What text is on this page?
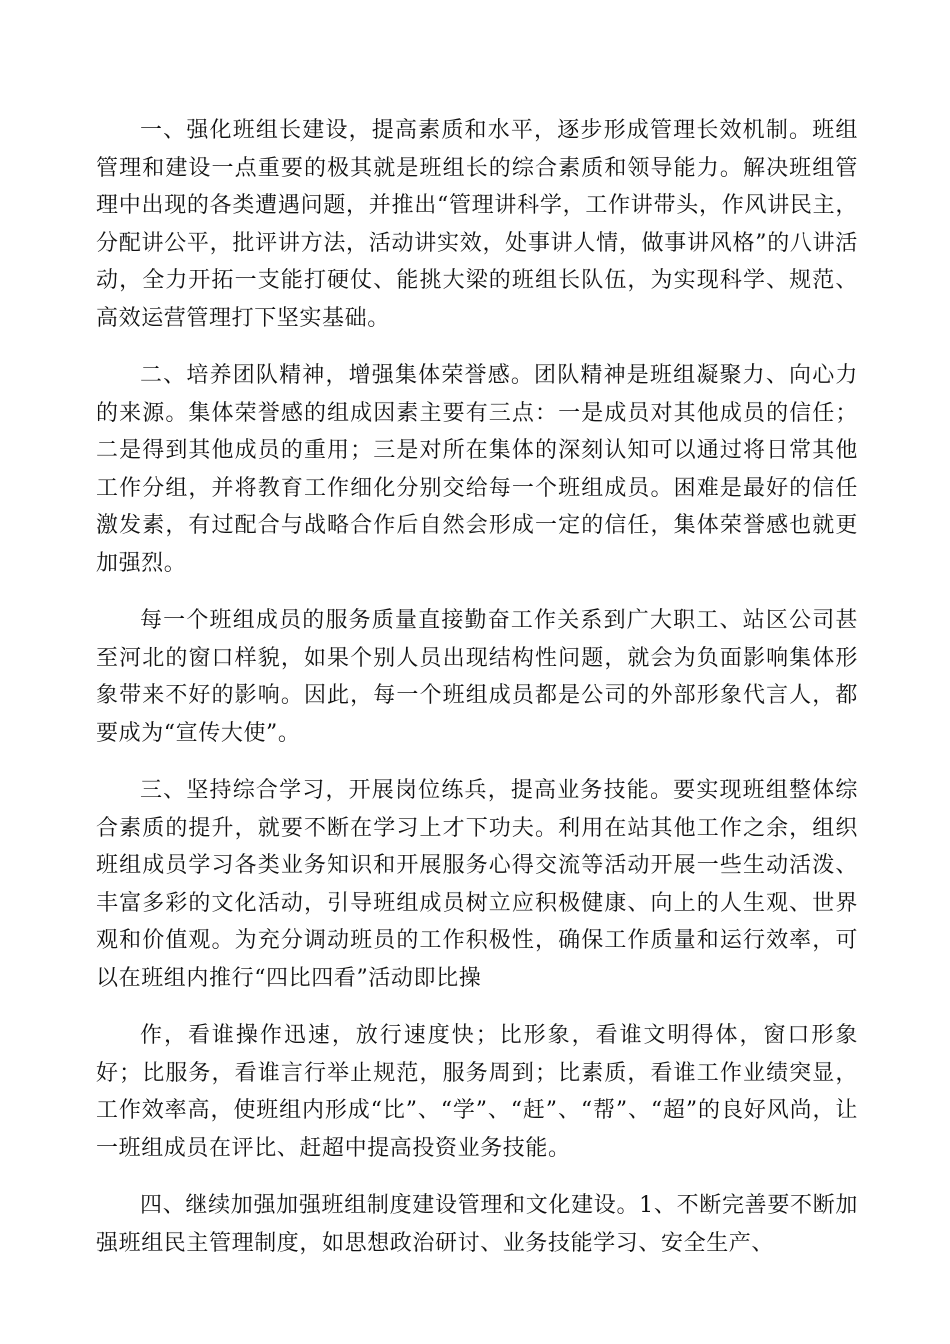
一、强化班组长建设，提高素质和水平，逐步形成管理长效机制。班组管理和建设一点重要的极其就是班组长的综合素质和领导能力。解决班组管理中出现的各类遭遇问题，并推出“管理讲科学，工作讲带头，作风讲民主，分配讲公平，批评讲方法，活动讲实效，处事讲人情，做事讲风格”的八讲活动，全力开拓一支能打硬仗、能挑大梁的班组长队伍，为实现科学、规范、高效运营管理打下坚实基础。

二、培养团队精神，增强集体荣誉感。团队精神是班组凝聚力、向心力的来源。集体荣誉感的组成因素主要有三点：一是成员对其他成员的信任；二是得到其他成员的重用；三是对所在集体的深刻认知可以通过将日常其他工作分组，并将教育工作细化分别交给每一个班组成员。困难是最好的信任激发素，有过配合与战略合作后自然会形成一定的信任，集体荣誉感也就更加强烈。

每一个班组成员的服务质量直接勤奋工作关系到广大职工、站区公司甚至河北的窗口样貌，如果个别人员出现结构性问题，就会为负面影响集体形象带来不好的影响。因此，每一个班组成员都是公司的外部形象代言人，都要成为“宣传大使”。

三、坚持综合学习，开展岗位练兵，提高业务技能。要实现班组整体综合素质的提升，就要不断在学习上才下功夫。利用在站其他工作之余，组织班组成员学习各类业务知识和开展服务心得交流等活动开展一些生动活泼、丰富多彩的文化活动，引导班组成员树立应积极健康、向上的人生观、世界观和价值观。为充分调动班员的工作积极性，确保工作质量和运行效率，可以在班组内推行“四比四看”活动即比操

作，看谁操作迅速，放行速度快；比形象，看谁文明得体，窗口形象好；比服务，看谁言行举止规范，服务周到；比素质，看谁工作业绩突显，工作效率高，使班组内形成“比”、“学”、“赶”、“帮”、“超”的良好风尚，让一班组成员在评比、赶超中提高投资业务技能。

四、继续加强加强班组制度建设管理和文化建设。1、不断完善要不断加强班组民主管理制度，如思想政治研讨、业务技能学习、安全生产、
